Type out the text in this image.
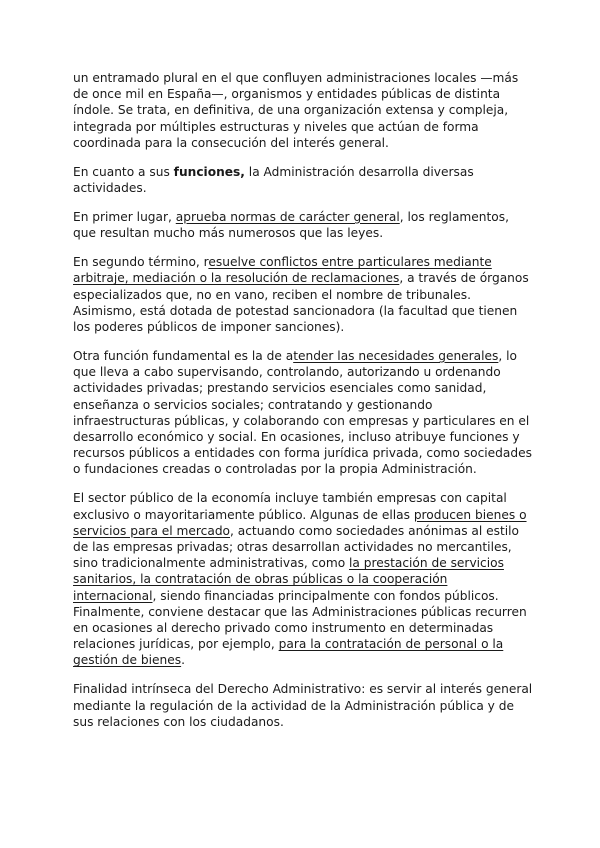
un entramado plural en el que confluyen administraciones locales —más de once mil en España—, organismos y entidades públicas de distinta índole. Se trata, en definitiva, de una organización extensa y compleja, integrada por múltiples estructuras y niveles que actúan de forma coordinada para la consecución del interés general.

En cuanto a sus funciones, la Administración desarrolla diversas actividades.

En primer lugar, aprueba normas de carácter general, los reglamentos, que resultan mucho más numerosos que las leyes.

En segundo término, resuelve conflictos entre particulares mediante arbitraje, mediación o la resolución de reclamaciones, a través de órganos especializados que, no en vano, reciben el nombre de tribunales. Asimismo, está dotada de potestad sancionadora (la facultad que tienen los poderes públicos de imponer sanciones).

Otra función fundamental es la de atender las necesidades generales, lo que lleva a cabo supervisando, controlando, autorizando u ordenando actividades privadas; prestando servicios esenciales como sanidad, enseñanza o servicios sociales; contratando y gestionando infraestructuras públicas, y colaborando con empresas y particulares en el desarrollo económico y social. En ocasiones, incluso atribuye funciones y recursos públicos a entidades con forma jurídica privada, como sociedades o fundaciones creadas o controladas por la propia Administración.

El sector público de la economía incluye también empresas con capital exclusivo o mayoritariamente público. Algunas de ellas producen bienes o servicios para el mercado, actuando como sociedades anónimas al estilo de las empresas privadas; otras desarrollan actividades no mercantiles, sino tradicionalmente administrativas, como la prestación de servicios sanitarios, la contratación de obras públicas o la cooperación internacional, siendo financiadas principalmente con fondos públicos. Finalmente, conviene destacar que las Administraciones públicas recurren en ocasiones al derecho privado como instrumento en determinadas relaciones jurídicas, por ejemplo, para la contratación de personal o la gestión de bienes.

Finalidad intrínseca del Derecho Administrativo: es servir al interés general mediante la regulación de la actividad de la Administración pública y de sus relaciones con los ciudadanos.
